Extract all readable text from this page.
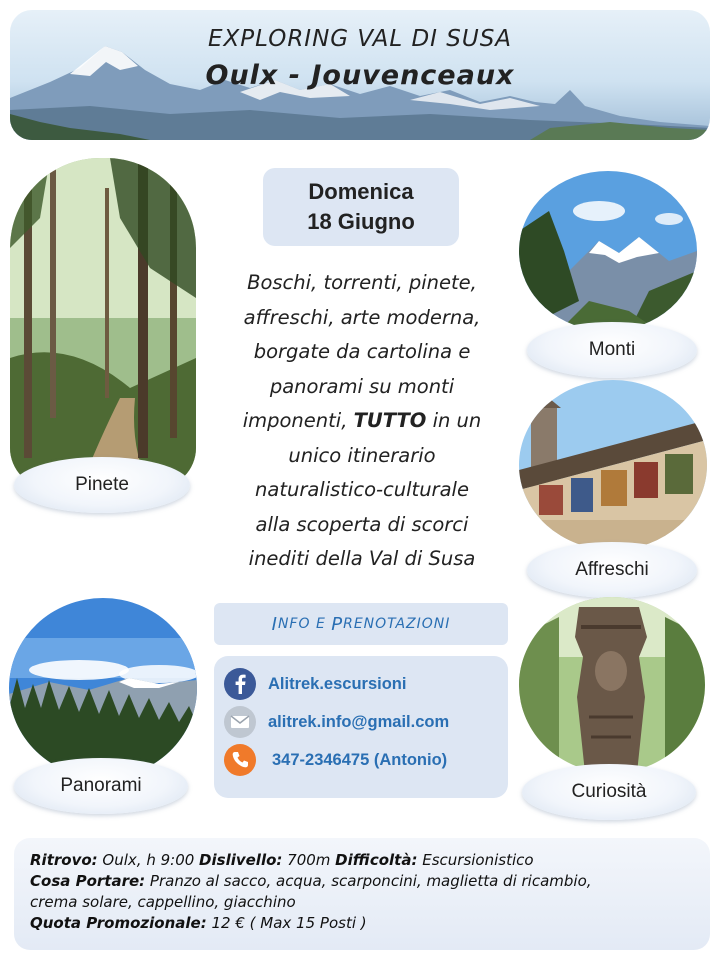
EXPLORING VAL DI SUSA
Oulx - Jouvenceaux
Pinete
Domenica
18 Giugno
Boschi, torrenti, pinete,
affreschi, arte moderna,
borgate da cartolina e
panorami su monti
imponenti, TUTTO in un
unico itinerario
naturalistico-culturale
alla scoperta di scorci
inediti della Val di Susa
Monti
Affreschi
I NFO E P RENOTAZIONI
Alitrek.escursioni
alitrek.info@gmail.com
347-2346475 (Antonio)
Panorami	Curiosità
Ritrovo: Oulx, h 9:00 Dislivello: 700m Difficoltà: Escursionistico
Cosa Portare: Pranzo al sacco, acqua, scarponcini, maglietta di ricambio,
crema solare, cappellino, giacchino
Quota Promozionale: 12 € ( Max 15 Posti )
